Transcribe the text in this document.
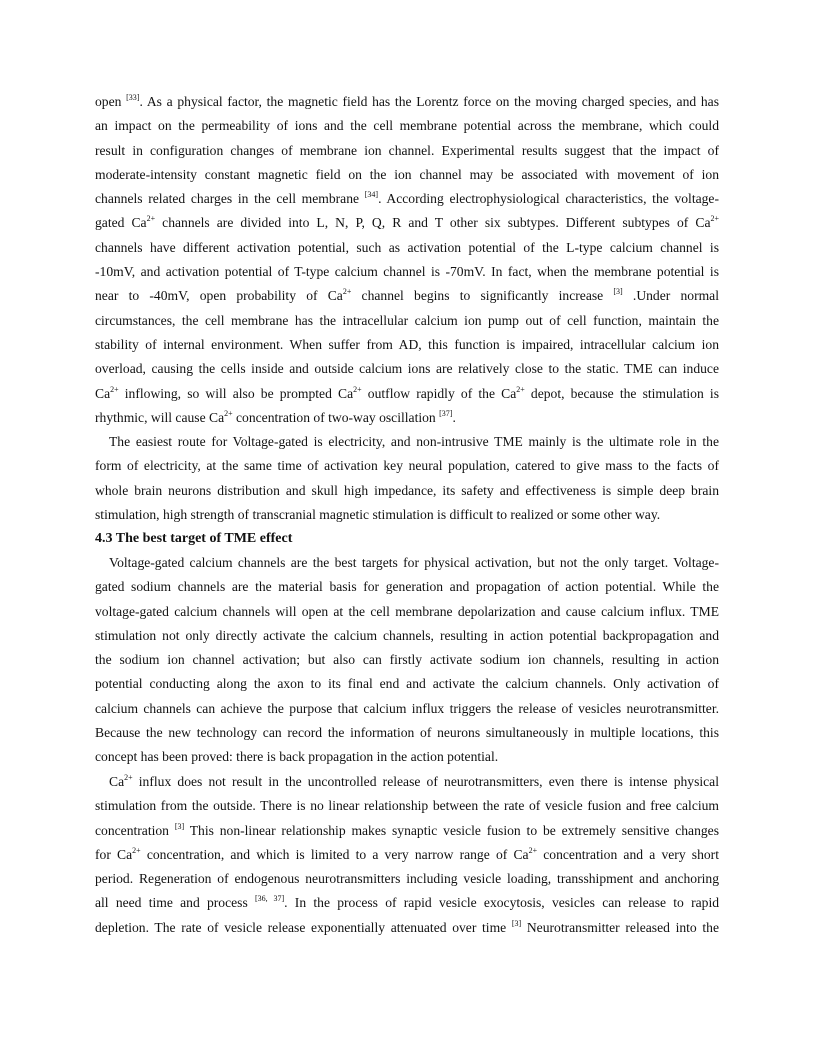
open [33]. As a physical factor, the magnetic field has the Lorentz force on the moving charged species, and has
an impact on the permeability of ions and the cell membrane potential across the membrane, which could
result in configuration changes of membrane ion channel. Experimental results suggest that the impact of
moderate-intensity constant magnetic field on the ion channel may be associated with movement of ion
channels related charges in the cell membrane [34]. According electrophysiological characteristics, the voltage-
gated $Ca^{2+}$ channels are divided into L, N, P, Q, R and T other six subtypes. Different subtypes of $Ca^{2+}$
channels have different activation potential, such as activation potential of the L-type calcium channel is
-10mV, and activation potential of T-type calcium channel is -70mV. In fact, when the membrane potential is
near to -40mV, open probability of $Ca^{2+}$ channel begins to significantly increase [3] .Under normal
circumstances, the cell membrane has the intracellular calcium ion pump out of cell function, maintain the
stability of internal environment. When suffer from AD, this function is impaired, intracellular calcium ion
overload, causing the cells inside and outside calcium ions are relatively close to the static. TME can induce
$Ca^{2+}$ inflowing, so will also be prompted $Ca^{2+}$ outflow rapidly of the $Ca^{2+}$ depot, because the stimulation is
rhythmic, will cause $Ca^{2+}$ concentration of two-way oscillation [37].
The easiest route for Voltage-gated is electricity, and non-intrusive TME mainly is the ultimate role in the
form of electricity, at the same time of activation key neural population, catered to give mass to the facts of
whole brain neurons distribution and skull high impedance, its safety and effectiveness is simple deep brain
stimulation, high strength of transcranial magnetic stimulation is difficult to realized or some other way.
4.3 The best target of TME effect
Voltage-gated calcium channels are the best targets for physical activation, but not the only target. Voltage-
gated sodium channels are the material basis for generation and propagation of action potential. While the
voltage-gated calcium channels will open at the cell membrane depolarization and cause calcium influx. TME
stimulation not only directly activate the calcium channels, resulting in action potential backpropagation and
the sodium ion channel activation; but also can firstly activate sodium ion channels, resulting in action
potential conducting along the axon to its final end and activate the calcium channels. Only activation of
calcium channels can achieve the purpose that calcium influx triggers the release of vesicles neurotransmitter.
Because the new technology can record the information of neurons simultaneously in multiple locations, this
concept has been proved: there is back propagation in the action potential.
$Ca^{2+}$ influx does not result in the uncontrolled release of neurotransmitters, even there is intense physical
stimulation from the outside. There is no linear relationship between the rate of vesicle fusion and free calcium
concentration [3] This non-linear relationship makes synaptic vesicle fusion to be extremely sensitive changes
for $Ca^{2+}$ concentration, and which is limited to a very narrow range of $Ca^{2+}$ concentration and a very short
period. Regeneration of endogenous neurotransmitters including vesicle loading, transshipment and anchoring
all need time and process [36, 37]. In the process of rapid vesicle exocytosis, vesicles can release to rapid
depletion. The rate of vesicle release exponentially attenuated over time [3] Neurotransmitter released into the
